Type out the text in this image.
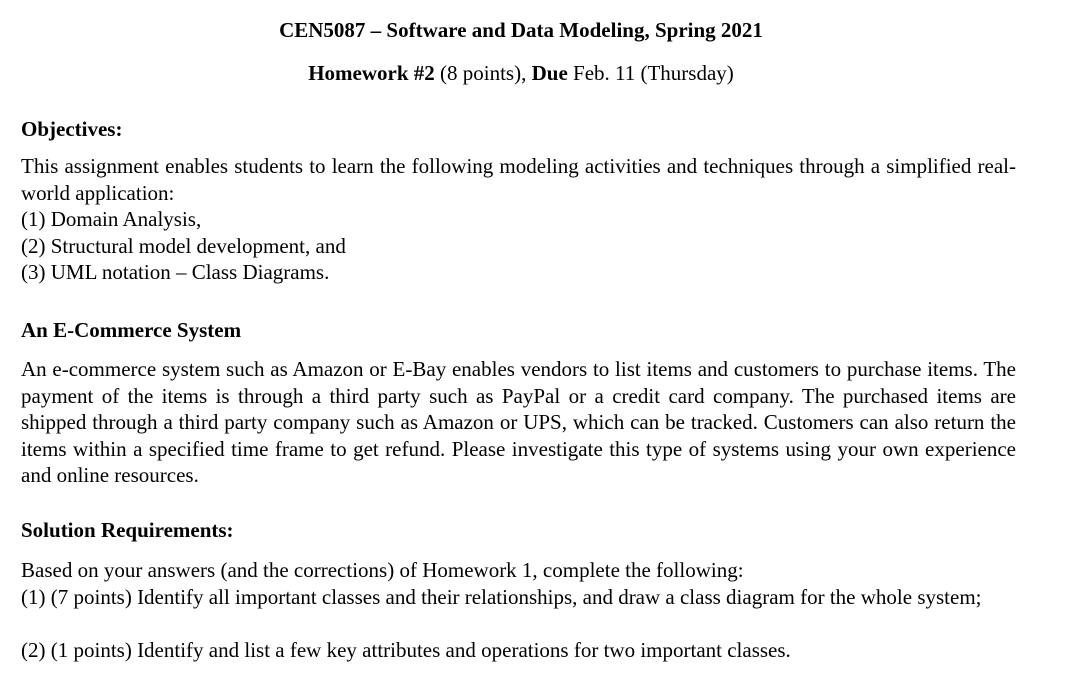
CEN5087 – Software and Data Modeling, Spring 2021
Homework #2 (8 points), Due Feb. 11 (Thursday)
Objectives:
This assignment enables students to learn the following modeling activities and techniques through a simplified real-world application:
(1) Domain Analysis,
(2) Structural model development, and
(3) UML notation – Class Diagrams.
An E-Commerce System
An e-commerce system such as Amazon or E-Bay enables vendors to list items and customers to purchase items. The payment of the items is through a third party such as PayPal or a credit card company. The purchased items are shipped through a third party company such as Amazon or UPS, which can be tracked. Customers can also return the items within a specified time frame to get refund. Please investigate this type of systems using your own experience and online resources.
Solution Requirements:
Based on your answers (and the corrections) of Homework 1, complete the following:
(1) (7 points) Identify all important classes and their relationships, and draw a class diagram for the whole system;
(2) (1 points) Identify and list a few key attributes and operations for two important classes.
